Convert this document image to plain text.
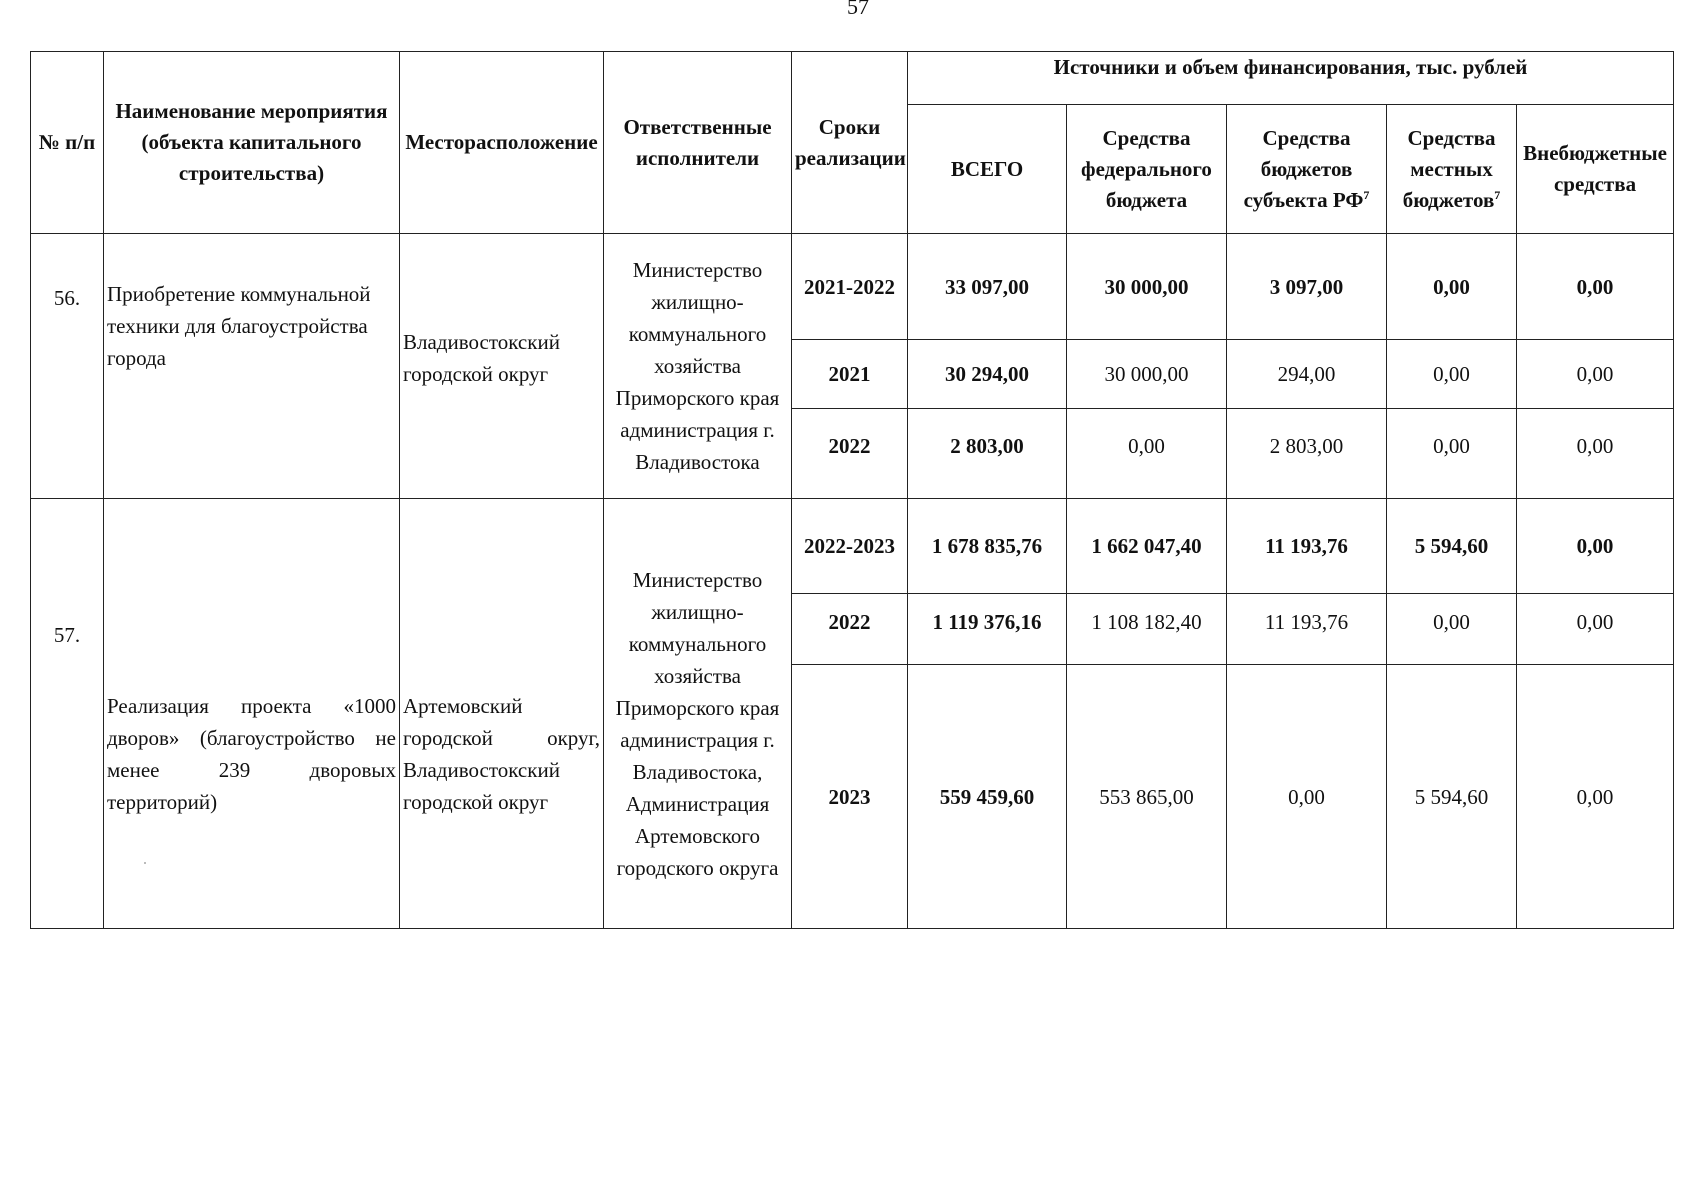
57
№ п/п	Наименование мероприятия (объекта капитального строительства)	Месторасположение	Ответственные исполнители	Сроки реализации	Источники и объем финансирования, тыс. рублей				
					ВСЕГО	Средства федерального бюджета	Средства бюджетов субъекта $РФ^7$	Средства местных бюджетов$^7$	Внебюджетные средства
56.	Приобретение коммунальной техники для благоустройства города	Владивостокский городской округ	Министерство жилищно-коммунального хозяйства Приморского края администрация г. Владивостока	2021-2022	33 097,00	30 000,00	3 097,00	0,00	0,00
				2021	30 294,00	30 000,00	294,00	0,00	0,00
				2022	2 803,00	0,00	2 803,00	0,00	0,00
57.	Реализация проекта «1000 дворов» (благоустройство не менее 239 дворовых территорий)	Артемовский городской округ, Владивостокский городской округ	Министерство жилищно-коммунального хозяйства Приморского края администрация г. Владивостока, Администрация Артемовского городского округа	2022-2023	1 678 835,76	1 662 047,40	11 193,76	5 594,60	0,00
				2022	1 119 376,16	1 108 182,40	11 193,76	0,00	0,00
				2023	559 459,60	553 865,00	0,00	5 594,60	0,00
